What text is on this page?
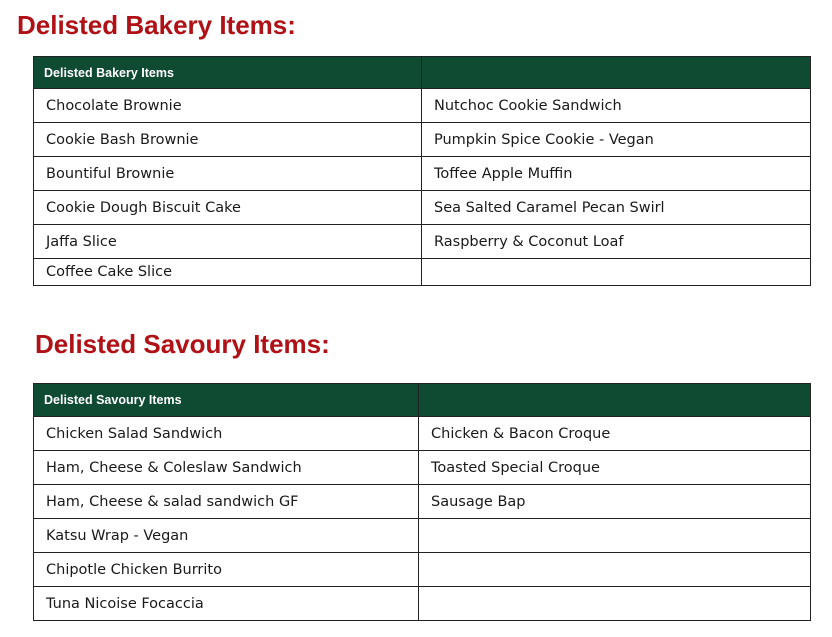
Delisted Bakery Items:
Delisted Bakery Items	
Chocolate Brownie	Nutchoc Cookie Sandwich
Cookie Bash Brownie	Pumpkin Spice Cookie - Vegan
Bountiful Brownie	Toffee Apple Muffin
Cookie Dough Biscuit Cake	Sea Salted Caramel Pecan Swirl
Jaffa Slice	Raspberry & Coconut Loaf
Coffee Cake Slice	
Delisted Savoury Items:
Delisted Savoury Items	
Chicken Salad Sandwich	Chicken & Bacon Croque
Ham, Cheese & Coleslaw Sandwich	Toasted Special Croque
Ham, Cheese & salad sandwich GF	Sausage Bap
Katsu Wrap - Vegan	
Chipotle Chicken Burrito	
Tuna Nicoise Focaccia	
